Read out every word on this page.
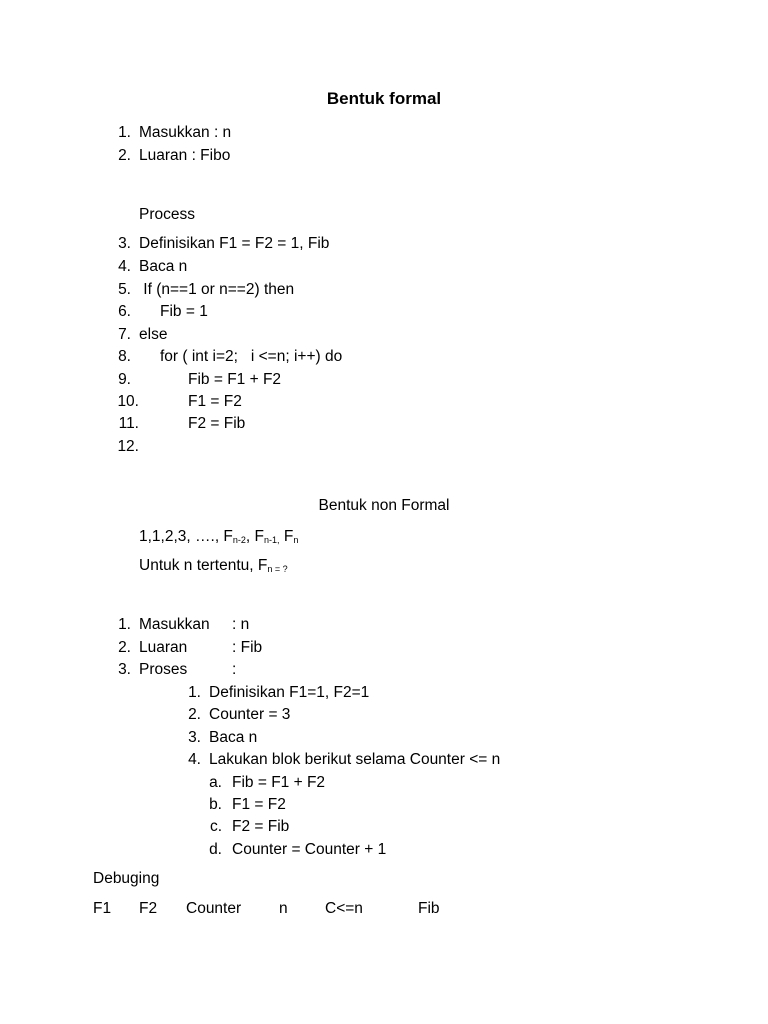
Bentuk formal
1. Masukkan : n
2. Luaran : Fibo
Process
3. Definisikan F1 = F2 = 1, Fib
4. Baca n
5. If (n==1 or n==2) then
6. Fib = 1
7. else
8. for ( int i=2;   i <=n; i++) do
9.	Fib = F1 + F2
10.	F1 = F2
11.	F2 = Fib
12.
Bentuk non Formal
1,1,2,3, …., $F_{n-2}$, $F_{n-1,}$ $F_n$
Untuk n tertentu, $F_{n = ?}$
1. Masukkan : n
2. Luaran	: Fib
3. Proses	:
1. Definisikan F1=1, F2=1
2. Counter = 3
3. Baca n
4. Lakukan blok berikut selama Counter <= n
a. Fib = F1 + F2
b. F1 = F2
c. F2 = Fib
d. Counter = Counter + 1
Debuging
F1 F2 Counter n C<=n	Fib
